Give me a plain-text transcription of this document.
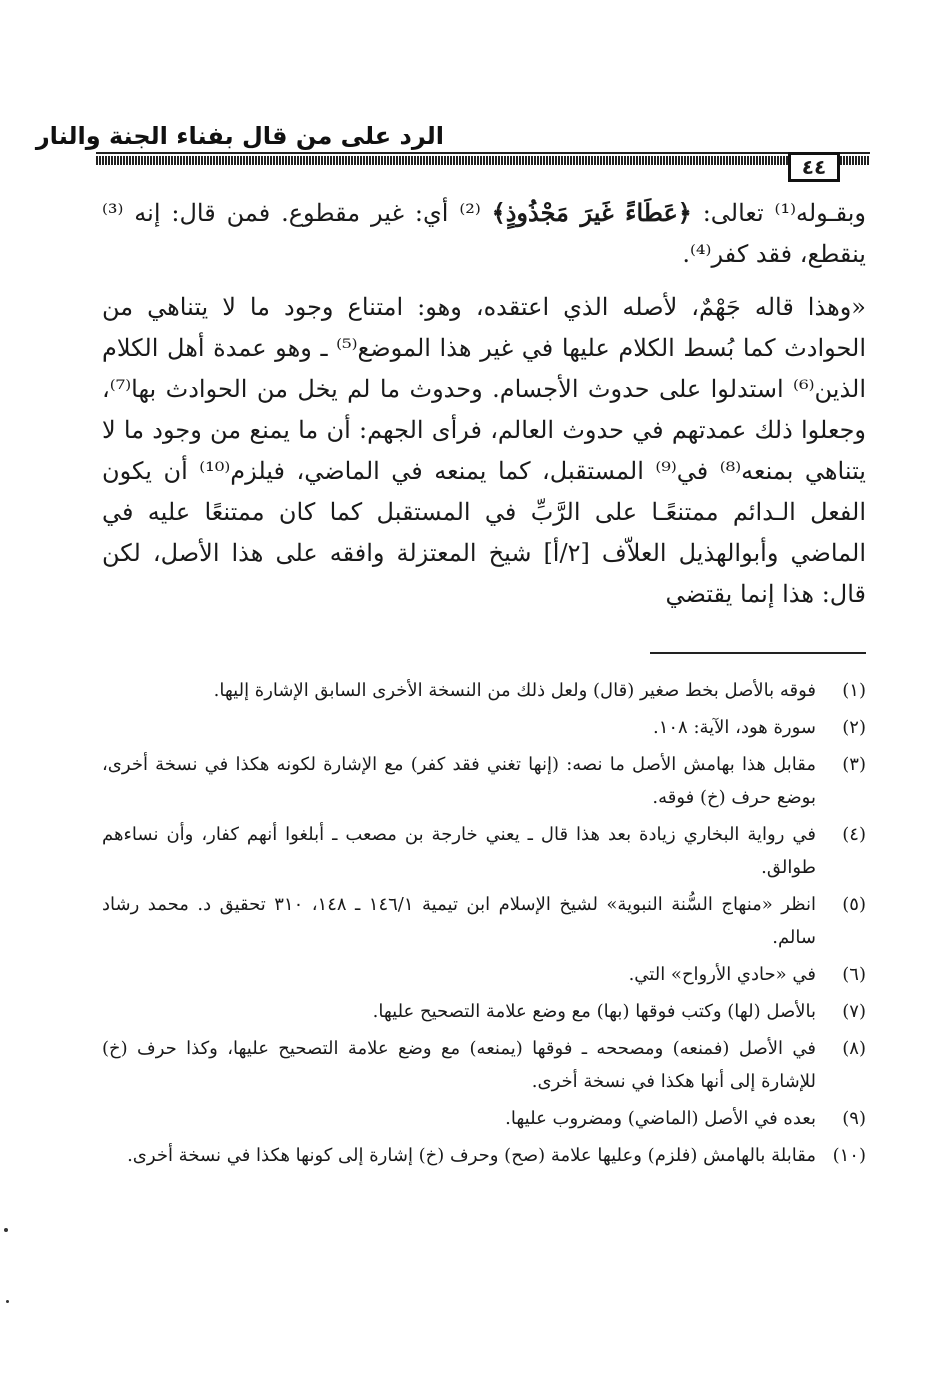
الرد على من قال بفناء الجنة والنار
٤٤

وبقـوله⁽¹⁾ تعالى: ﴿عَطَاءً غَيرَ مَجْذُوذٍ﴾ ⁽²⁾ أي: غير مقطوع. فمن قال: إنه ⁽³⁾ ينقطع، فقد كفر⁽⁴⁾.

«وهذا قاله جَهْمٌ، لأصله الذي اعتقده، وهو: امتناع وجود ما لا يتناهي من الحوادث كما بُسط الكلام عليها في غير هذا الموضع⁽⁵⁾ ـ وهو عمدة أهل الكلام الذين⁽⁶⁾ استدلوا على حدوث الأجسام. وحدوث ما لم يخل من الحوادث بها⁽⁷⁾، وجعلوا ذلك عمدتهم في حدوث العالم، فرأى الجهم: أن ما يمنع من وجود ما لا يتناهي بمنعه⁽⁸⁾ في⁽⁹⁾ المستقبل، كما يمنعه في الماضي، فيلزم⁽¹⁰⁾ أن يكون الفعل الـدائم ممتنعًـا على الرَّبِّ في المستقبل كما كان ممتنعًا عليه في الماضي وأبوالهذيل العلاّف [٢/أ] شيخ المعتزلة وافقه على هذا الأصل، لكن قال: هذا إنما يقتضي

(١)
فوقه بالأصل بخط صغير (قال) ولعل ذلك من النسخة الأخرى السابق الإشارة إليها.
(٢)
سورة هود، الآية: ١٠٨.
(٣)
مقابل هذا بهامش الأصل ما نصه: (إنها تغني فقد كفر) مع الإشارة لكونه هكذا في نسخة أخرى، بوضع حرف (خ) فوقه.
(٤)
في رواية البخاري زيادة بعد هذا قال ـ يعني خارجة بن مصعب ـ أبلغوا أنهم كفار، وأن نساءهم طوالق.
(٥)
انظر «منهاج السُّنة النبوية» لشيخ الإسلام ابن تيمية ١٤٦/١ ـ ١٤٨، ٣١٠ تحقيق د. محمد رشاد سالم.
(٦)
في «حادي الأرواح» التي.
(٧)
بالأصل (لها) وكتب فوقها (بها) مع وضع علامة التصحيح عليها.
(٨)
في الأصل (فمنعه) ومصححه ـ فوقها (يمنعه) مع وضع علامة التصحيح عليها، وكذا حرف (خ) للإشارة إلى أنها هكذا في نسخة أخرى.
(٩)
بعده في الأصل (الماضي) ومضروب عليها.
(١٠)
مقابلة بالهامش (فلزم) وعليها علامة (صح) وحرف (خ) إشارة إلى كونها هكذا في نسخة أخرى.
